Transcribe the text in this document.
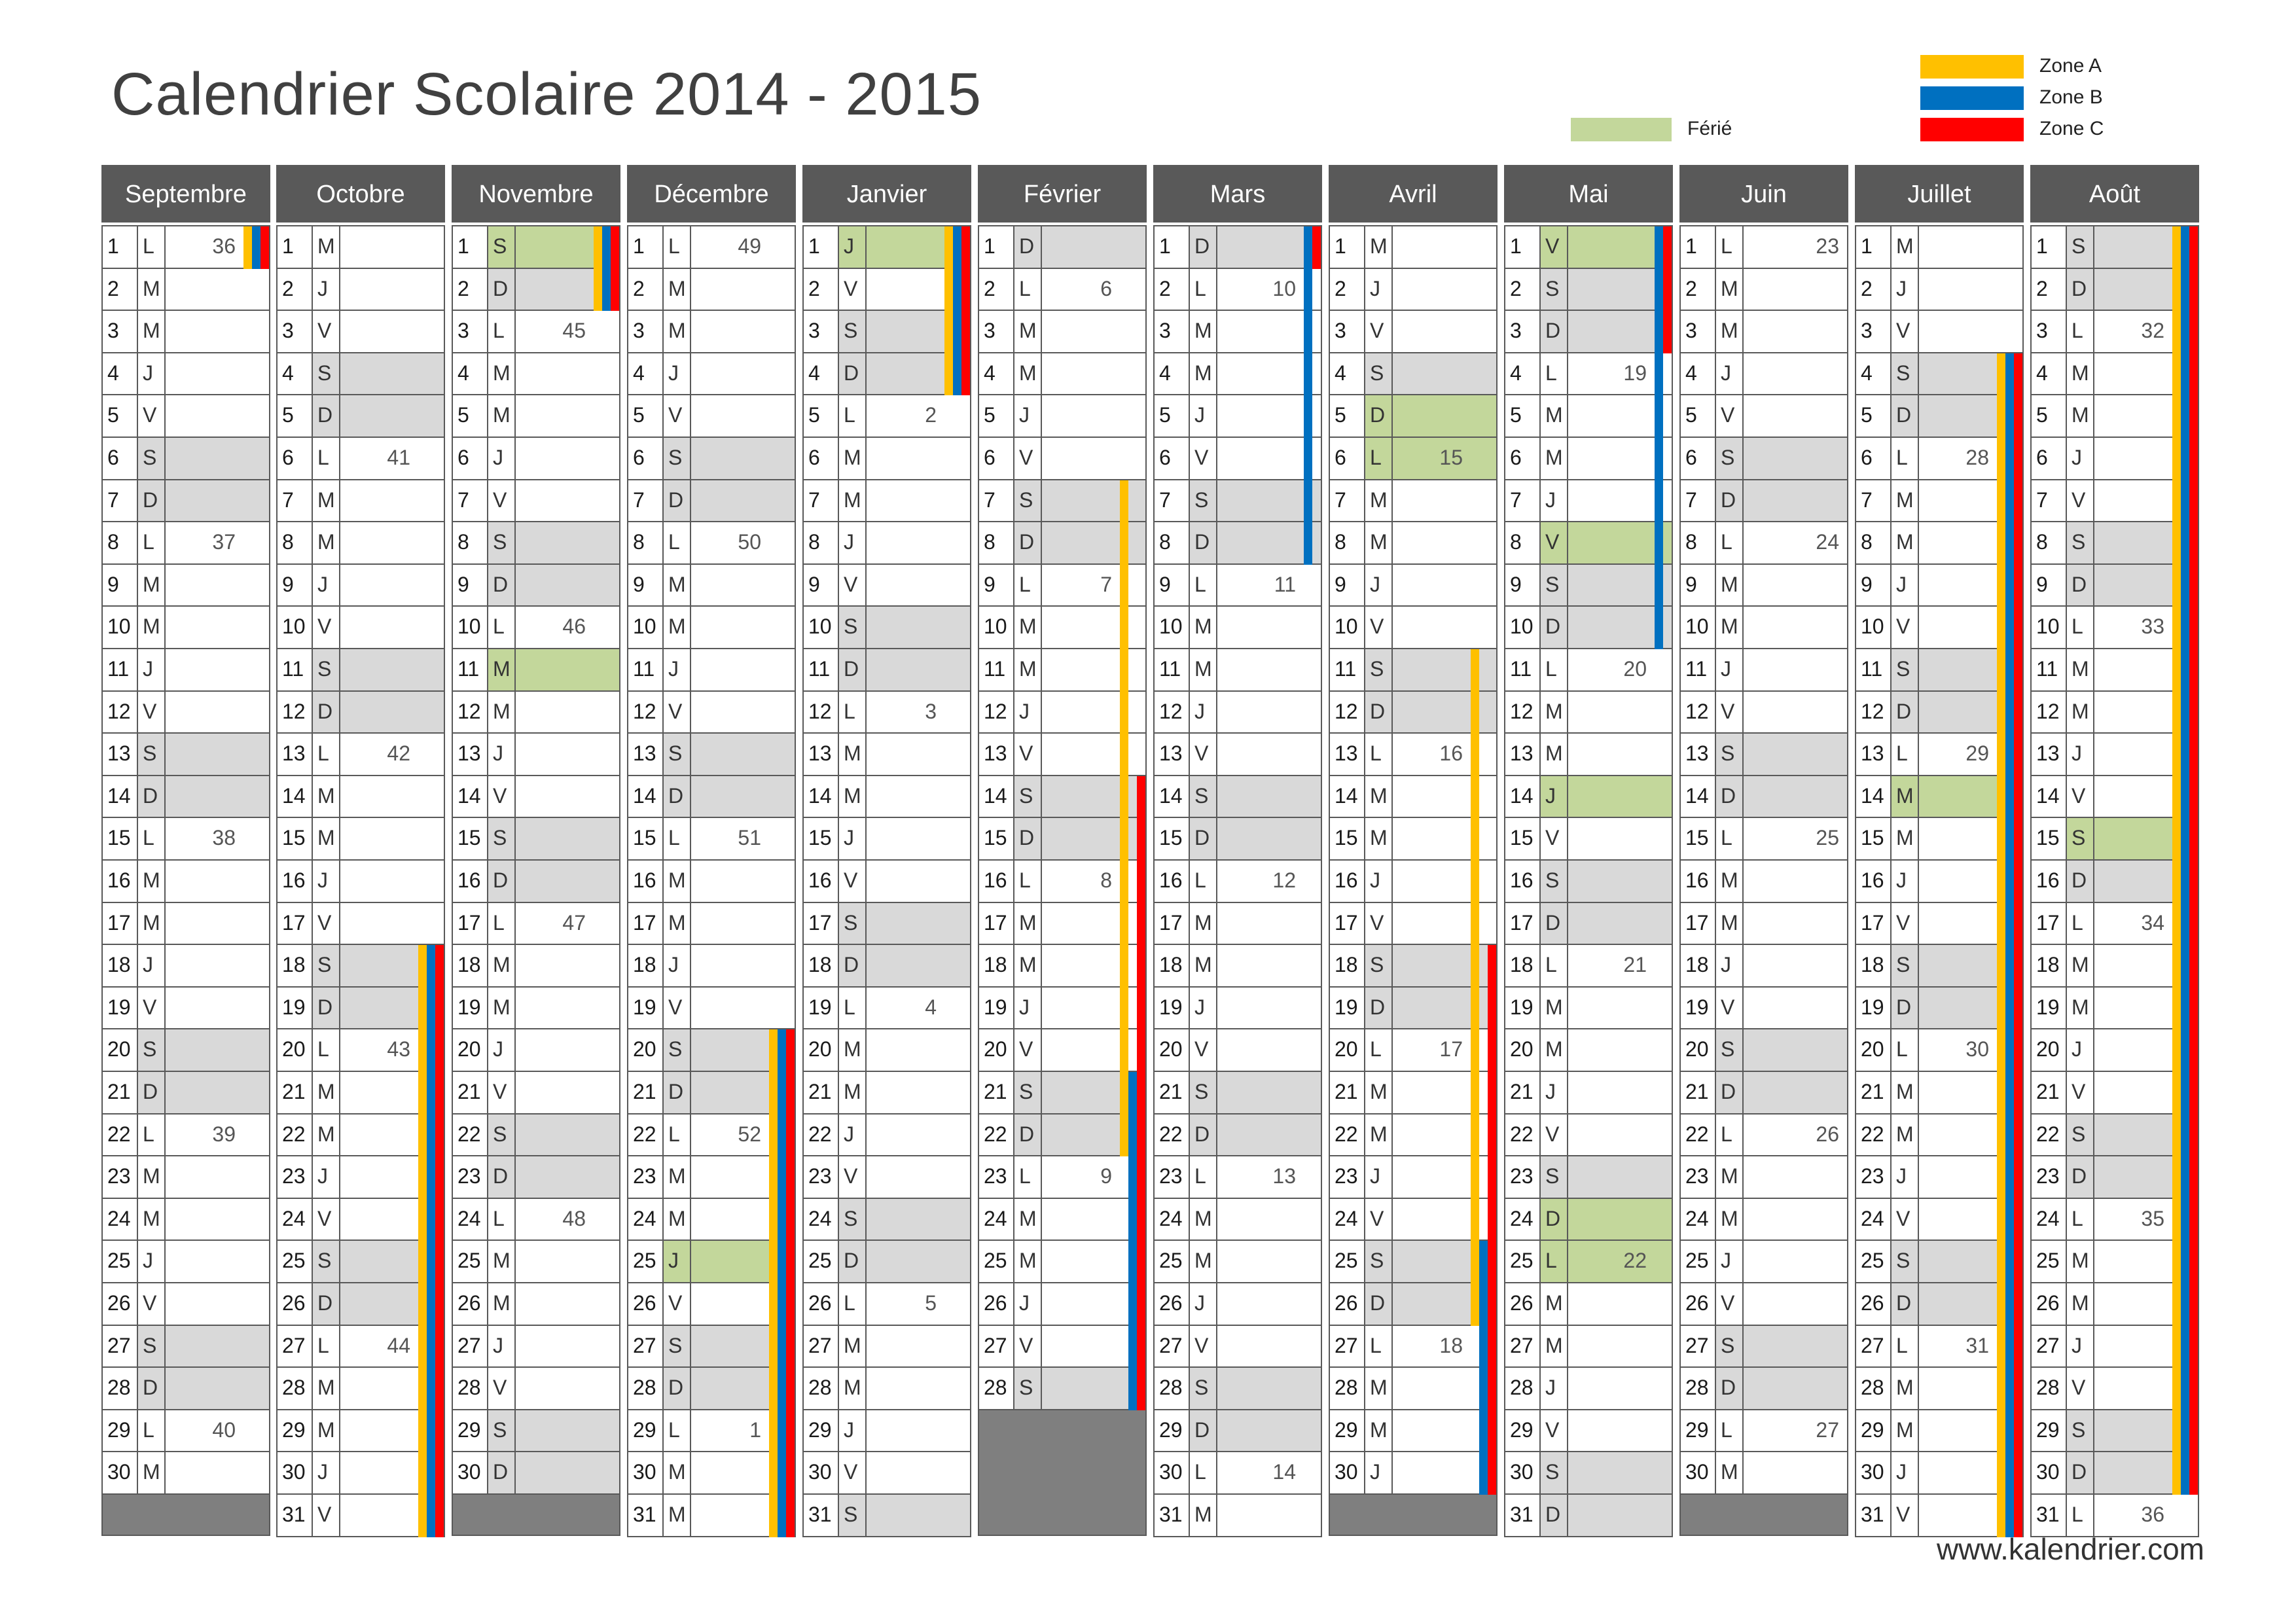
Calendrier Scolaire 2014 - 2015
Férié
Zone A
Zone B
Zone C
Septembre
1	L	36
2	M
3	M
4	J
5	V
6	S
7	D
8	L	37
9	M
10 M
11 J
12 V
13 S
14 D
15 L	38
16 M
17 M
18 J
19 V
20 S
21 D
22 L	39
23 M
24 M
25 J
26 V
27 S
28 D
29 L	40
30 M
Octobre
1	M
2	J
3	V
4	S
5	D
6	L	41
7	M
8	M
9	J
10 V
11 S
12 D
13 L	42
14 M
15 M
16 J
17 V
18 S
19 D
20 L	43
21 M
22 M
23 J
24 V
25 S
26 D
27 L	44
28 M
29 M
30 J
31 V
Novembre
1	S
2	D
3	L	45
4	M
5	M
6	J
7	V
8	S
9	D
10 L	46
11 M
12 M
13 J
14 V
15 S
16 D
17 L	47
18 M
19 M
20 J
21 V
22 S
23 D
24 L	48
25 M
26 M
27 J
28 V
29 S
30 D
Décembre
1	L	49
2	M
3	M
4	J
5	V
6	S
7	D
8	L	50
9	M
10 M
11 J
12 V
13 S
14 D
15 L	51
16 M
17 M
18 J
19 V
20 S
21 D
22 L	52
23 M
24 M
25 J
26 V
27 S
28 D
29 L	1
30 M
31 M
Janvier
1	J
2	V
3	S
4	D
5	L	2
6	M
7	M
8	J
9	V
10 S
11 D
12 L	3
13 M
14 M
15 J
16 V
17 S
18 D
19 L	4
20 M
21 M
22 J
23 V
24 S
25 D
26 L	5
27 M
28 M
29 J
30 V
31 S
Février
1	D
2	L	6
3	M
4	M
5	J
6	V
7	S
8	D
9	L	7
10 M
11 M
12 J
13 V
14 S
15 D
16 L	8
17 M
18 M
19 J
20 V
21 S
22 D
23 L	9
24 M
25 M
26 J
27 V
28 S
Mars
1	D
2	L	10
3	M
4	M
5	J
6	V
7	S
8	D
9	L	11
10 M
11 M
12 J
13 V
14 S
15 D
16 L	12
17 M
18 M
19 J
20 V
21 S
22 D
23 L	13
24 M
25 M
26 J
27 V
28 S
29 D
30 L	14
31 M
Avril
1	M
2	J
3	V
4	S
5	D
6	L	15
7	M
8	M
9	J
10 V
11 S
12 D
13 L	16
14 M
15 M
16 J
17 V
18 S
19 D
20 L	17
21 M
22 M
23 J
24 V
25 S
26 D
27 L	18
28 M
29 M
30 J
Mai
1	V
2	S
3	D
4	L	19
5	M
6	M
7	J
8	V
9	S
10 D
11 L	20
12 M
13 M
14 J
15 V
16 S
17 D
18 L	21
19 M
20 M
21 J
22 V
23 S
24 D
25 L	22
26 M
27 M
28 J
29 V
30 S
31 D
Juin
1	L	23
2	M
3	M
4	J
5	V
6	S
7	D
8	L	24
9	M
10 M
11 J
12 V
13 S
14 D
15 L	25
16 M
17 M
18 J
19 V
20 S
21 D
22 L	26
23 M
24 M
25 J
26 V
27 S
28 D
29 L	27
30 M
Juillet
1	M
2	J
3	V
4	S
5	D
6	L	28
7	M
8	M
9	J
10 V
11 S
12 D
13 L	29
14 M
15 M
16 J
17 V
18 S
19 D
20 L	30
21 M
22 M
23 J
24 V
25 S
26 D
27 L	31
28 M
29 M
30 J
31 V
Août
1	S
2	D
3	L	32
4	M
5	M
6	J
7	V
8	S
9	D
10 L	33
11 M
12 M
13 J
14 V
15 S
16 D
17 L	34
18 M
19 M
20 J
21 V
22 S
23 D
24 L	35
25 M
26 M
27 J
28 V
29 S
30 D
31 L	36
www.kalendrier.com
